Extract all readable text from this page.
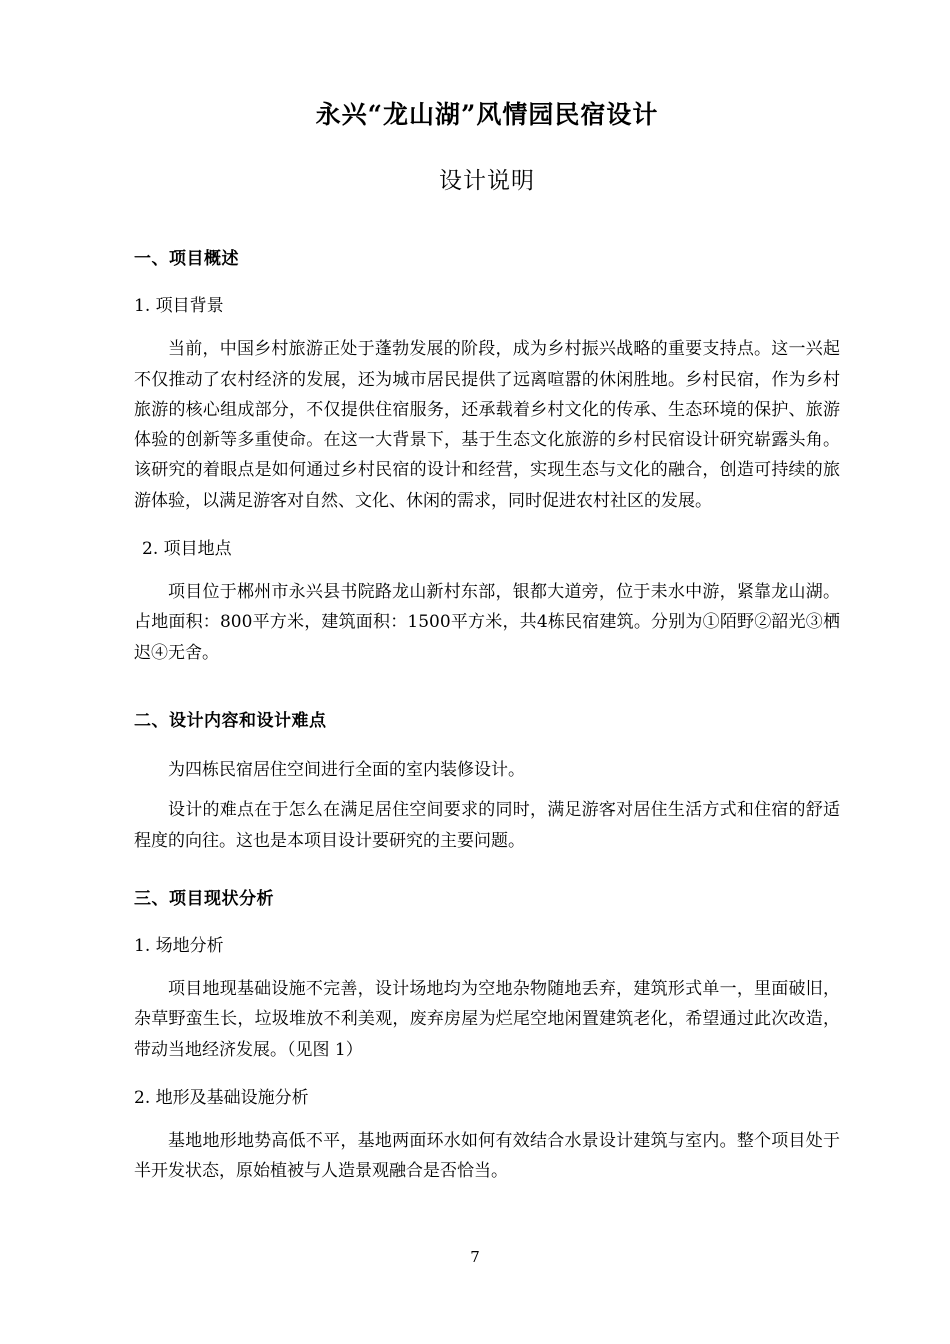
永兴“龙山湖”风情园民宿设计
设计说明
一、项目概述
1. 项目背景

当前，中国乡村旅游正处于蓬勃发展的阶段，成为乡村振兴战略的重要支持点。这一兴起不仅推动了农村经济的发展，还为城市居民提供了远离喧嚣的休闲胜地。乡村民宿，作为乡村旅游的核心组成部分，不仅提供住宿服务，还承载着乡村文化的传承、生态环境的保护、旅游体验的创新等多重使命。在这一大背景下，基于生态文化旅游的乡村民宿设计研究崭露头角。该研究的着眼点是如何通过乡村民宿的设计和经营，实现生态与文化的融合，创造可持续的旅游体验，以满足游客对自然、文化、休闲的需求，同时促进农村社区的发展。

2. 项目地点

项目位于郴州市永兴县书院路龙山新村东部，银都大道旁，位于耒水中游，紧靠龙山湖。占地面积：800平方米，建筑面积：1500平方米，共4栋民宿建筑。分别为①陌野②韶光③栖迟④无舍。

二、设计内容和设计难点

为四栋民宿居住空间进行全面的室内装修设计。

设计的难点在于怎么在满足居住空间要求的同时，满足游客对居住生活方式和住宿的舒适程度的向往。这也是本项目设计要研究的主要问题。

三、项目现状分析
1. 场地分析

项目地现基础设施不完善，设计场地均为空地杂物随地丢弃，建筑形式单一，里面破旧，杂草野蛮生长，垃圾堆放不利美观，废弃房屋为烂尾空地闲置建筑老化，希望通过此次改造，带动当地经济发展。（见图 1）

2. 地形及基础设施分析

基地地形地势高低不平，基地两面环水如何有效结合水景设计建筑与室内。整个项目处于半开发状态，原始植被与人造景观融合是否恰当。

7
